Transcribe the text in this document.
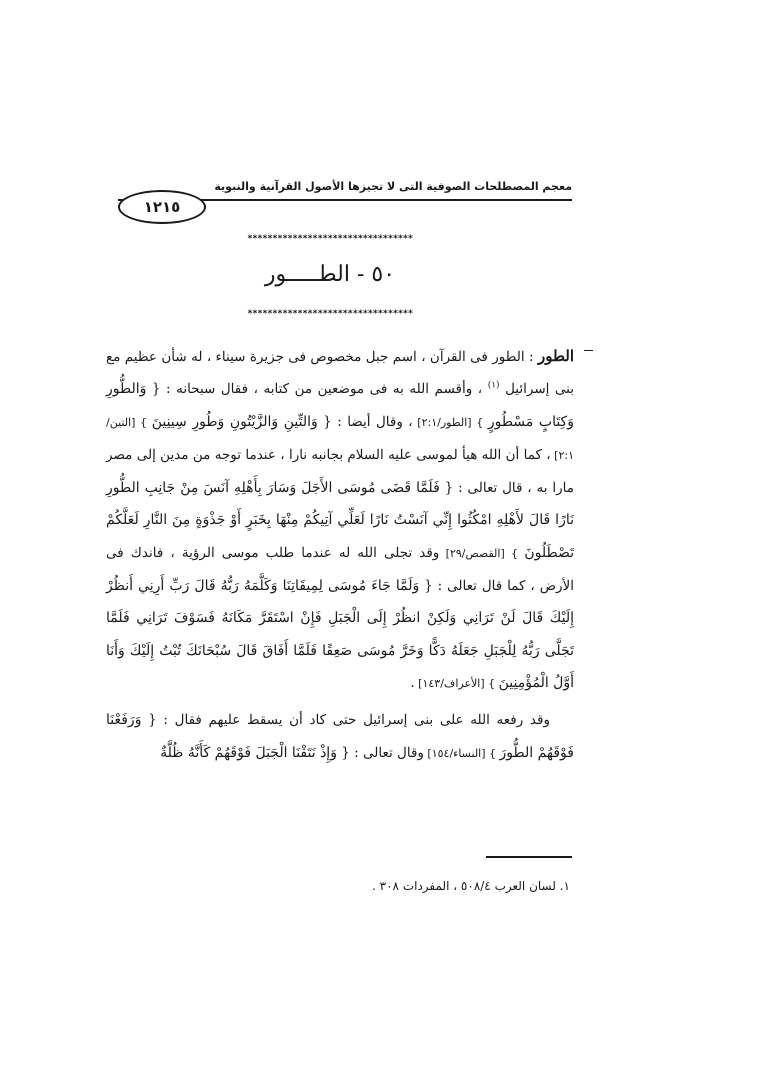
معجم المصطلحات الصوفية التى لا تجيزها الأصول القرآنية والنبوية
١٢١٥
*********************************
٥٠ - الطـــــور
*********************************

الطور : الطور فى القرآن ، اسم جبل مخصوص فى جزيرة سيناء ، له شأن عظيم مع بنى إسرائيل $^{(١)}$ ، وأقسم الله به فى موضعين من كتابه ، فقال سبحانه : { وَالطُّورِ وَكِتَابٍ مَسْطُورٍ } [الطور/٢:١] ، وقال أيضا : { وَالتِّينِ وَالزَّيْتُونِ وَطُورِ سِينِينَ } [التين/٢:١] ، كما أن الله هيأ لموسى عليه السلام بجانبه نارا ، عندما توجه من مدين إلى مصر مارا به ، قال تعالى : { فَلَمَّا قَضَى مُوسَى الأَجَلَ وَسَارَ بِأَهْلِهِ آنَسَ مِنْ جَانِبِ الطُّورِ نَارًا قَالَ لأَهْلِهِ امْكُثُوا إِنِّي آنَسْتُ نَارًا لَعَلِّي آتِيكُمْ مِنْهَا بِخَبَرٍ أَوْ جَذْوَةٍ مِنَ النَّارِ لَعَلَّكُمْ تَصْطَلُونَ } [القصص/٢٩] وقد تجلى الله له عندما طلب موسى الرؤية ، فاندك فى الأرض ، كما قال تعالى : { وَلَمَّا جَاءَ مُوسَى لِمِيقَاتِنَا وَكَلَّمَهُ رَبُّهُ قَالَ رَبِّ أَرِنِي أَنظُرْ إِلَيْكَ قَالَ لَنْ تَرَانِي وَلَكِنْ انظُرْ إِلَى الْجَبَلِ فَإِنْ اسْتَقَرَّ مَكَانَهُ فَسَوْفَ تَرَانِي فَلَمَّا تَجَلَّى رَبُّهُ لِلْجَبَلِ جَعَلَهُ دَكًّا وَخَرَّ مُوسَى صَعِقًا فَلَمَّا أَفَاقَ قَالَ سُبْحَانَكَ تُبْتُ إِلَيْكَ وَأَنَا أَوَّلُ الْمُؤْمِنِينَ } [الأعراف/١٤٣] .

وقد رفعه الله على بنى إسرائيل حتى كاد أن يسقط عليهم فقال : { وَرَفَعْنَا فَوْقَهُمْ الطُّورَ } [النساء/١٥٤] وقال تعالى : { وَإِذْ نَتَقْنَا الْجَبَلَ فَوْقَهُمْ كَأَنَّهُ ظُلَّةٌ

١. لسان العرب ٥٠٨/٤ ، المفردات ٣٠٨ .
